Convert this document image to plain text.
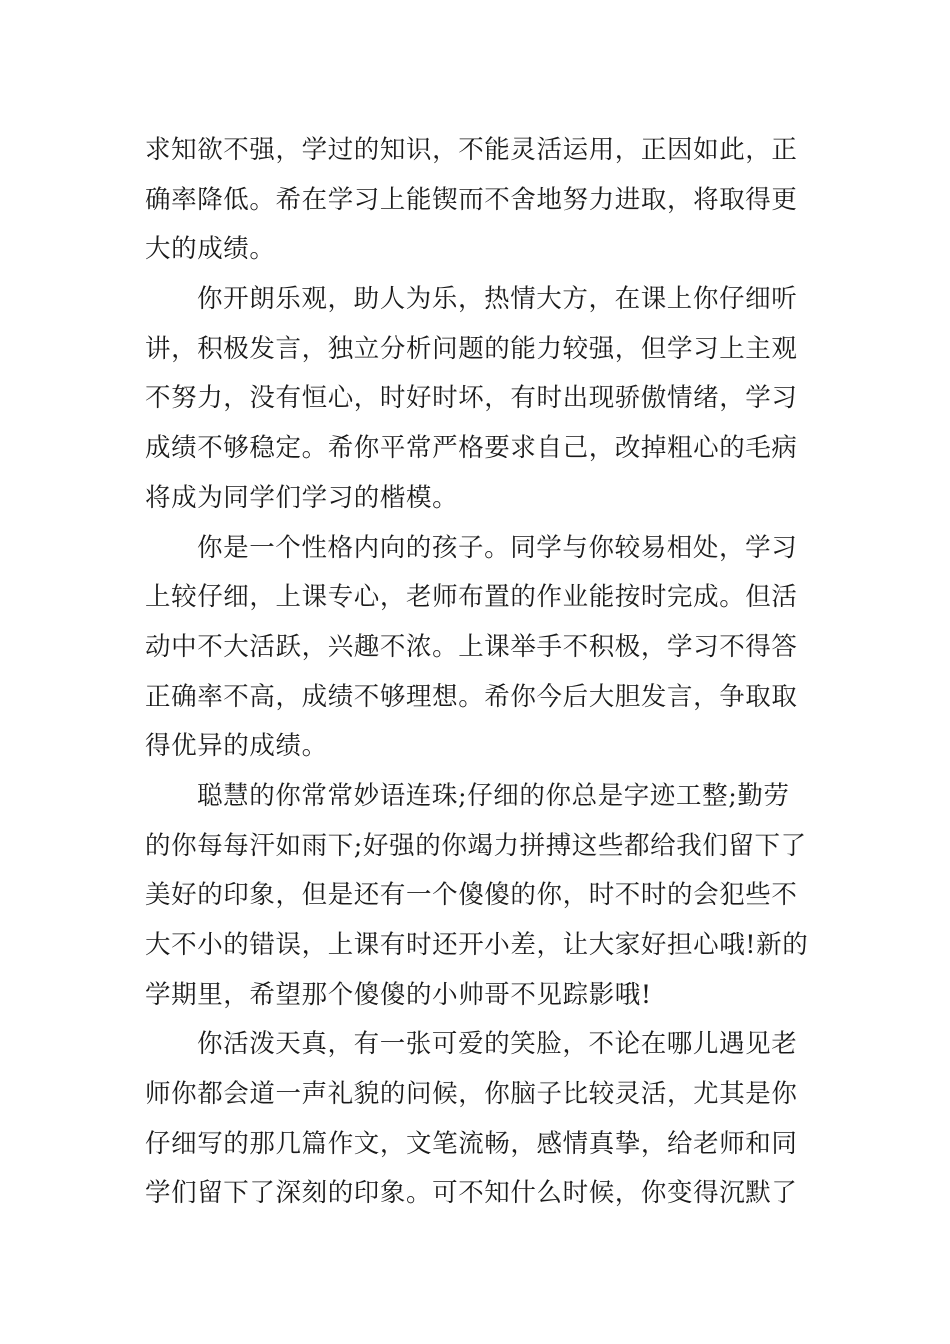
求知欲不强，学过的知识，不能灵活运用，正因如此，正
确率降低。希在学习上能锲而不舍地努力进取，将取得更
大的成绩。
你开朗乐观，助人为乐，热情大方，在课上你仔细听
讲，积极发言，独立分析问题的能力较强，但学习上主观
不努力，没有恒心，时好时坏，有时出现骄傲情绪，学习
成绩不够稳定。希你平常严格要求自己，改掉粗心的毛病
将成为同学们学习的楷模。
你是一个性格内向的孩子。同学与你较易相处，学习
上较仔细，上课专心，老师布置的作业能按时完成。但活
动中不大活跃，兴趣不浓。上课举手不积极，学习不得答
正确率不高，成绩不够理想。希你今后大胆发言，争取取
得优异的成绩。
聪慧的你常常妙语连珠;仔细的你总是字迹工整;勤劳
的你每每汗如雨下;好强的你竭力拼搏这些都给我们留下了
美好的印象，但是还有一个傻傻的你，时不时的会犯些不
大不小的错误，上课有时还开小差，让大家好担心哦!新的
学期里，希望那个傻傻的小帅哥不见踪影哦!
你活泼天真，有一张可爱的笑脸，不论在哪儿遇见老
师你都会道一声礼貌的问候，你脑子比较灵活，尤其是你
仔细写的那几篇作文，文笔流畅，感情真挚，给老师和同
学们留下了深刻的印象。可不知什么时候，你变得沉默了
